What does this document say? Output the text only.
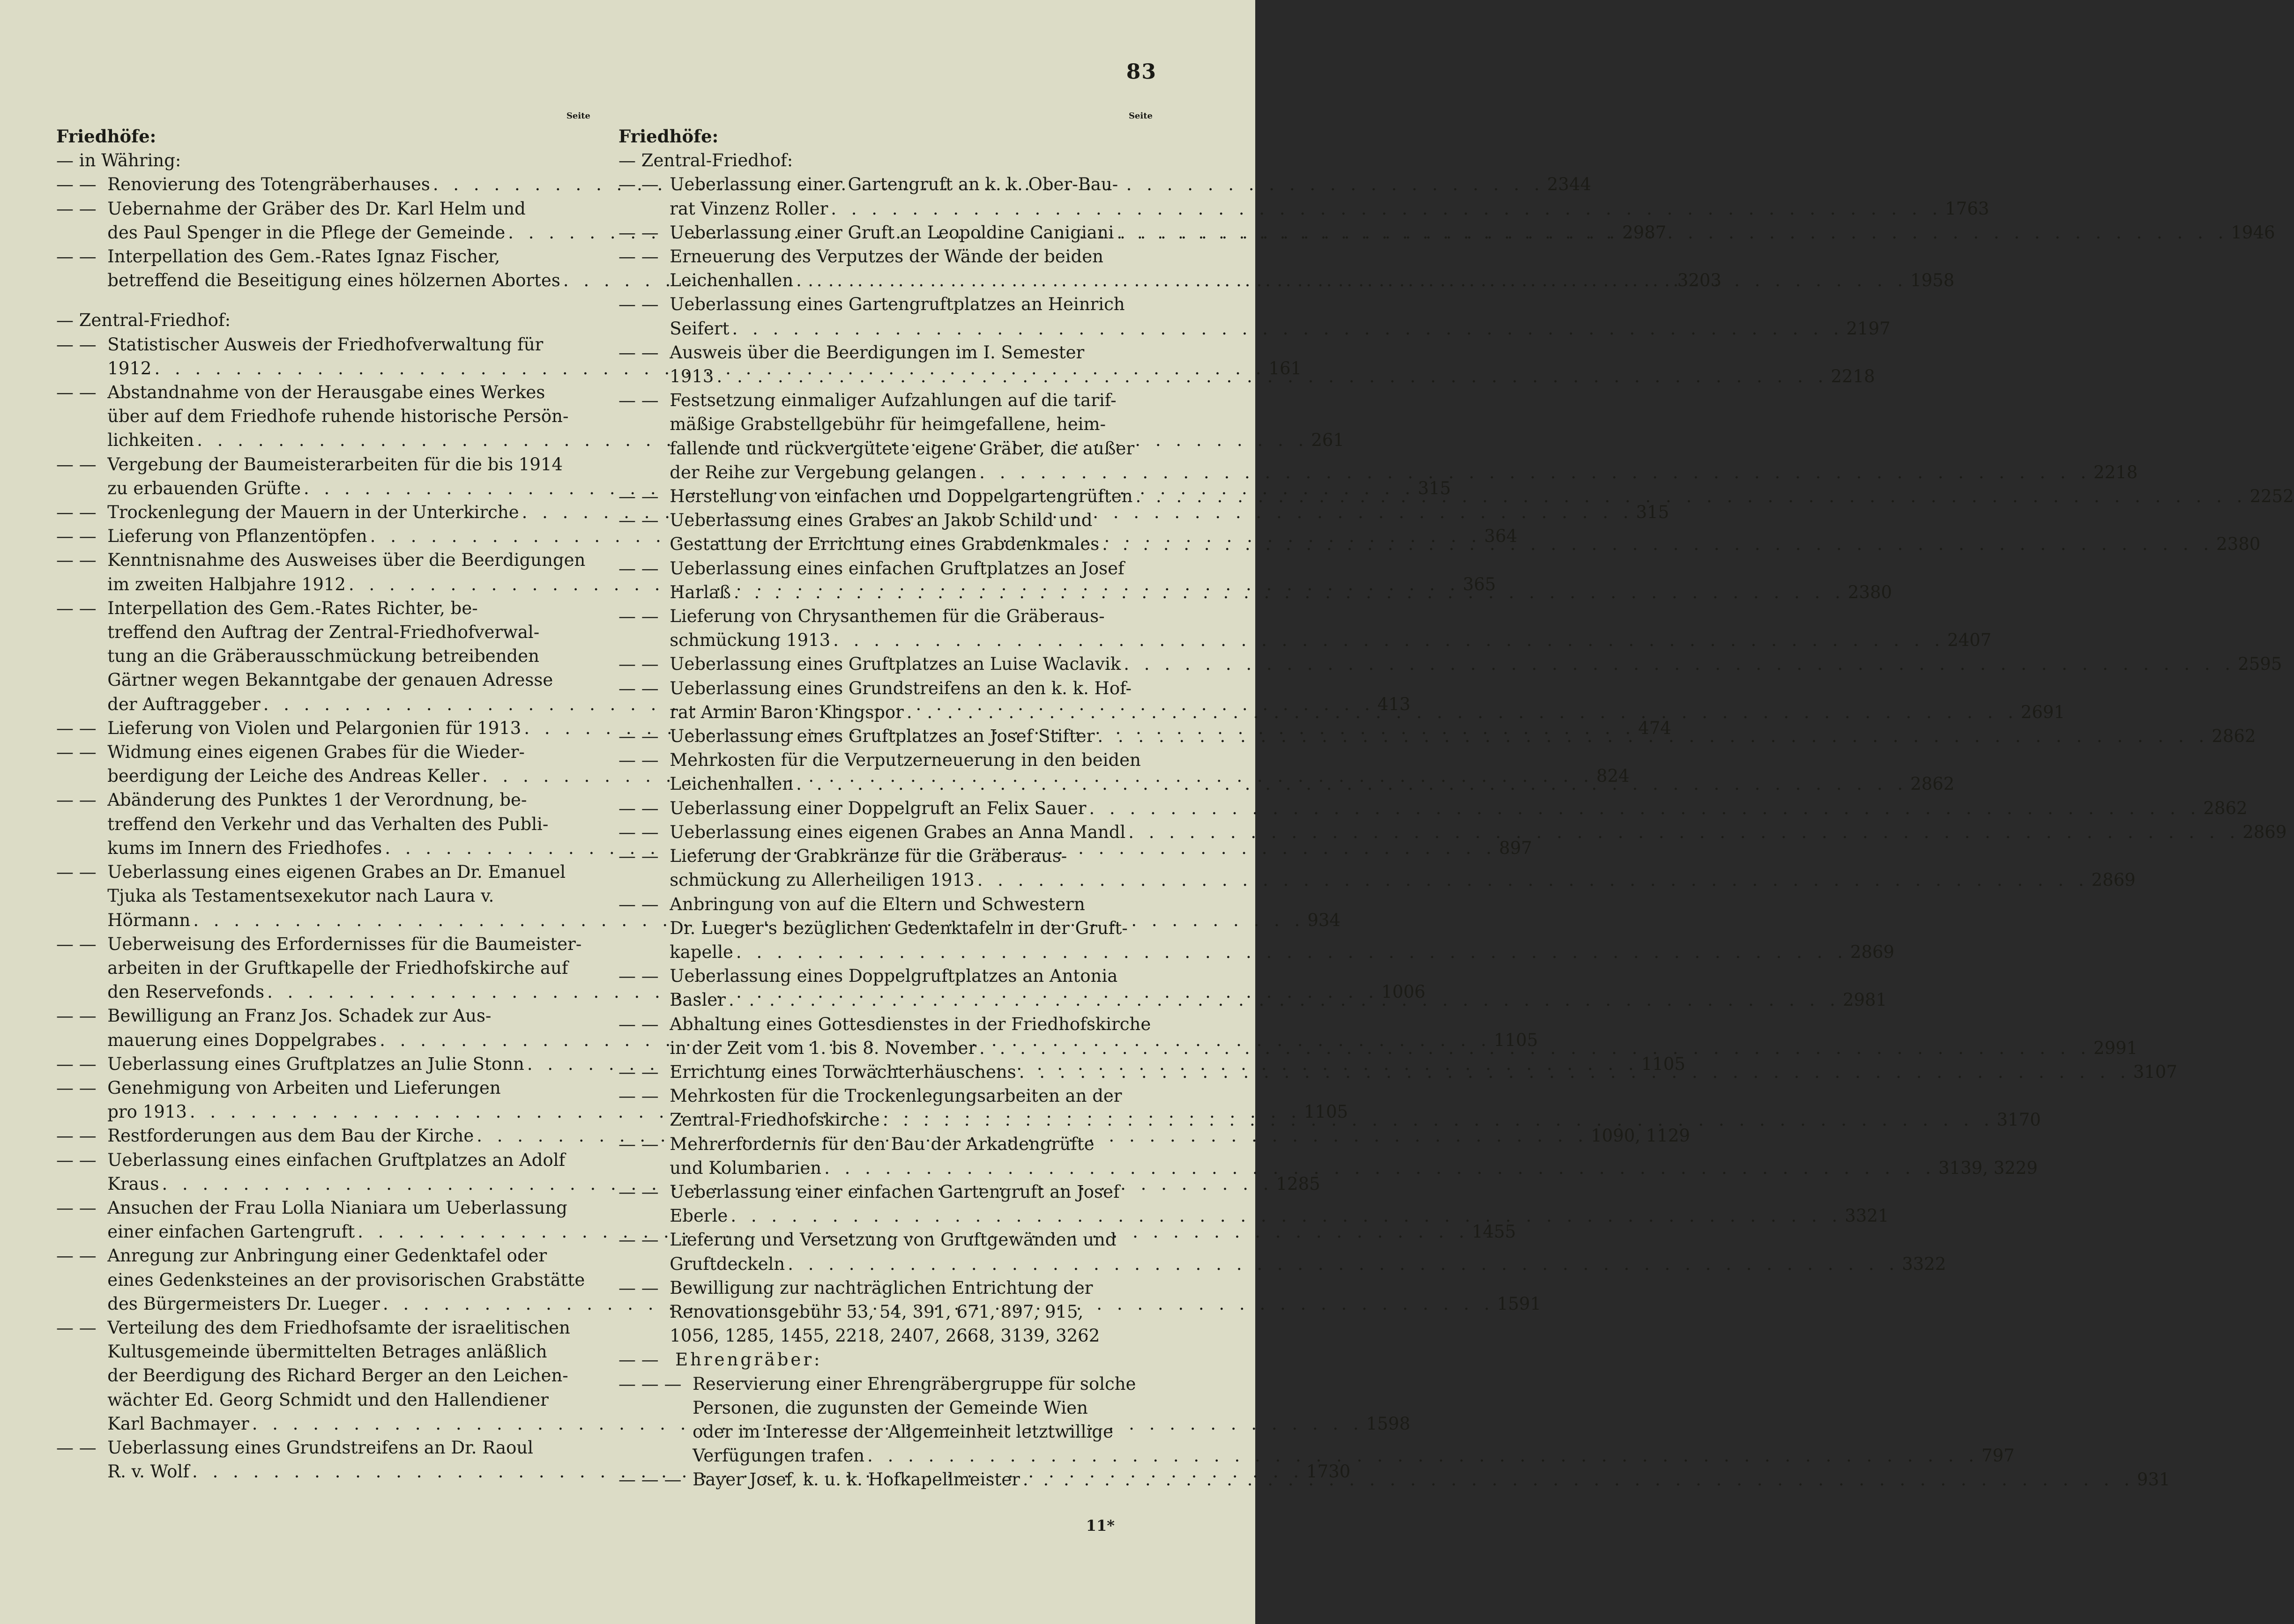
83
Seite
Friedhöfe:
— in Währing:
— —
Renovierung des Totengräberhauses . . .	2344
— —
Uebernahme der Gräber des Dr. Karl Helm und
des Paul Spenger in die Pflege der Gemeinde . . .	2987
— —
Interpellation des Gem.-Rates Ignaz Fischer,
betreffend die Beseitigung eines hölzernen Abortes . . .	3203
— Zentral-Friedhof:
— —
Statistischer Ausweis der Friedhofverwaltung für
1912 . . .	161
— —
Abstandnahme von der Herausgabe eines Werkes
über auf dem Friedhofe ruhende historische Persön-
lichkeiten . . .	261
— —
Vergebung der Baumeisterarbeiten für die bis 1914
zu erbauenden Grüfte . . .	315
— —
Trockenlegung der Mauern in der Unterkirche . . .	315
— —
Lieferung von Pflanzentöpfen . . .	364
— —
Kenntnisnahme des Ausweises über die Beerdigungen
im zweiten Halbjahre 1912 . . .	365
— —
Interpellation des Gem.-Rates Richter, be-
treffend den Auftrag der Zentral-Friedhofverwal-
tung an die Gräberausschmückung betreibenden
Gärtner wegen Bekanntgabe der genauen Adresse
der Auftraggeber . . .	413
— —
Lieferung von Violen und Pelargonien für 1913 . . .	474
— —
Widmung eines eigenen Grabes für die Wieder-
beerdigung der Leiche des Andreas Keller . . .	824
— —
Abänderung des Punktes 1 der Verordnung, be-
treffend den Verkehr und das Verhalten des Publi-
kums im Innern des Friedhofes . . .	897
— —
Ueberlassung eines eigenen Grabes an Dr. Emanuel
Tjuka als Testamentsexekutor nach Laura v.
Hörmann . . .	934
— —
Ueberweisung des Erfordernisses für die Baumeister-
arbeiten in der Gruftkapelle der Friedhofskirche auf
den Reservefonds . . .	1006
— —
Bewilligung an Franz Jos. Schadek zur Aus-
mauerung eines Doppelgrabes . . .	1105
— —
Ueberlassung eines Gruftplatzes an Julie Stonn . . .	1105
— —
Genehmigung von Arbeiten und Lieferungen
pro 1913 . . .	1105
— —
Restforderungen aus dem Bau der Kirche . . .	1090, 1129
— —
Ueberlassung eines einfachen Gruftplatzes an Adolf
Kraus . . .	1285
— —
Ansuchen der Frau Lolla Nianiara um Ueberlassung
einer einfachen Gartengruft . . .	1455
— —
Anregung zur Anbringung einer Gedenktafel oder
eines Gedenksteines an der provisorischen Grabstätte
des Bürgermeisters Dr. Lueger . . .	1591
— —
Verteilung des dem Friedhofsamte der israelitischen
Kultusgemeinde übermittelten Betrages anläßlich
der Beerdigung des Richard Berger an den Leichen-
wächter Ed. Georg Schmidt und den Hallendiener
Karl Bachmayer . . .	1598
— —
Ueberlassung eines Grundstreifens an Dr. Raoul
R. v. Wolf . . .	1730
Seite
Friedhöfe:
— Zentral-Friedhof:
— —
Ueberlassung einer Gartengruft an k. k. Ober-Bau-
rat Vinzenz Roller . . .	1763
— —
Ueberlassung einer Gruft an Leopoldine Canigiani . . .	1946
— —
Erneuerung des Verputzes der Wände der beiden
Leichenhallen . . .	1958
— —
Ueberlassung eines Gartengruftplatzes an Heinrich
Seifert . . .	2197
— —
Ausweis über die Beerdigungen im I. Semester
1913 . . .	2218
— —
Festsetzung einmaliger Aufzahlungen auf die tarif-
mäßige Grabstellgebühr für heimgefallene, heim-
fallende und rückvergütete eigene Gräber, die außer
der Reihe zur Vergebung gelangen . . .	2218
— —
Herstellung von einfachen und Doppelgartengrüften . . .	2252
— —
Ueberlassung eines Grabes an Jakob Schild und
Gestattung der Errichtung eines Grabdenkmales . . .	2380
— —
Ueberlassung eines einfachen Gruftplatzes an Josef
Harlaß . . .	2380
— —
Lieferung von Chrysanthemen für die Gräberaus-
schmückung 1913 . . .	2407
— —
Ueberlassung eines Gruftplatzes an Luise Waclavik . . .	2595
— —
Ueberlassung eines Grundstreifens an den k. k. Hof-
rat Armin Baron Klingspor . . .	2691
— —
Ueberlassung eines Gruftplatzes an Josef Stifter . . .	2862
— —
Mehrkosten für die Verputzerneuerung in den beiden
Leichenhallen . . .	2862
— —
Ueberlassung einer Doppelgruft an Felix Sauer . . .	2862
— —
Ueberlassung eines eigenen Grabes an Anna Mandl . . .	2869
— —
Lieferung der Grabkränze für die Gräberaus-
schmückung zu Allerheiligen 1913 . . .	2869
— —
Anbringung von auf die Eltern und Schwestern
Dr. Lueger's bezüglichen Gedenktafeln in der Gruft-
kapelle . . .	2869
— —
Ueberlassung eines Doppelgruftplatzes an Antonia
Basler . . .	2981
— —
Abhaltung eines Gottesdienstes in der Friedhofskirche
in der Zeit vom 1. bis 8. November . . .	2991
— —
Errichtung eines Torwächterhäuschens . . .	3107
— —
Mehrkosten für die Trockenlegungsarbeiten an der
Zentral-Friedhofskirche . . .	3170
— —
Mehrerfordernis für den Bau der Arkadengrüfte
und Kolumbarien . . .	3139, 3229
— —
Ueberlassung einer einfachen Gartengruft an Josef
Eberle . . .	3321
— —
Lieferung und Versetzung von Gruftgewänden und
Gruftdeckeln . . .	3322
— —
Bewilligung zur nachträglichen Entrichtung der
Renovationsgebühr 53, 54, 391, 671, 897, 915,
1056, 1285, 1455, 2218, 2407, 2668, 3139, 3262
— —
Ehrengräber:
— — —
Reservierung einer Ehrengräbergruppe für solche
Personen, die zugunsten der Gemeinde Wien
oder im Interesse der Allgemeinheit letztwillige
Verfügungen trafen . . .	797
— — —
Bayer Josef, k. u. k. Hofkapellmeister . . .	931
11*
